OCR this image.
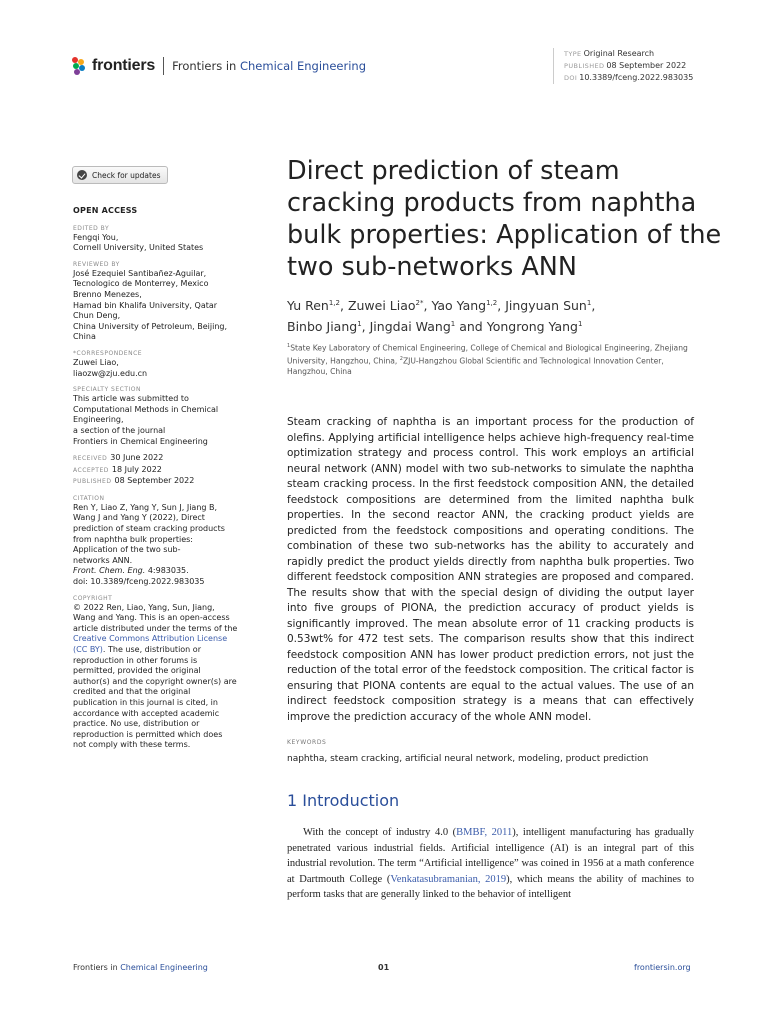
frontiers Frontiers in Chemical Engineering
TYPE Original Research
PUBLISHED 08 September 2022
DOI 10.3389/fceng.2022.983035
Check for updates
OPEN ACCESS
EDITED BY
Fengqi You,
Cornell University, United States
REVIEWED BY
José Ezequiel Santibañez-Aguilar,
Tecnologico de Monterrey, Mexico
Brenno Menezes,
Hamad bin Khalifa University, Qatar
Chun Deng,
China University of Petroleum, Beijing,
China
*CORRESPONDENCE
Zuwei Liao,
liaozw@zju.edu.cn
SPECIALTY SECTION
This article was submitted to
Computational Methods in Chemical
Engineering,
a section of the journal
Frontiers in Chemical Engineering
RECEIVED 30 June 2022
ACCEPTED 18 July 2022
PUBLISHED 08 September 2022
CITATION
Ren Y, Liao Z, Yang Y, Sun J, Jiang B,
Wang J and Yang Y (2022), Direct
prediction of steam cracking products
from naphtha bulk properties:
Application of the two sub-
networks ANN.
Front. Chem. Eng. 4:983035.
doi: 10.3389/fceng.2022.983035
COPYRIGHT
© 2022 Ren, Liao, Yang, Sun, Jiang,
Wang and Yang. This is an open-access
article distributed under the terms of the
Creative Commons Attribution License
(CC BY). The use, distribution or
reproduction in other forums is
permitted, provided the original
author(s) and the copyright owner(s) are
credited and that the original
publication in this journal is cited, in
accordance with accepted academic
practice. No use, distribution or
reproduction is permitted which does
not comply with these terms.
Direct prediction of steam cracking products from naphtha bulk properties: Application of the two sub-networks ANN
Yu Ren$^{1,2}$, Zuwei Liao$^{2*}$, Yao Yang$^{1,2}$, Jingyuan Sun$^1$,
Binbo Jiang$^1$, Jingdai Wang$^1$ and Yongrong Yang$^1$
$^1$State Key Laboratory of Chemical Engineering, College of Chemical and Biological Engineering, Zhejiang University, Hangzhou, China, $^2$ZJU-Hangzhou Global Scientific and Technological Innovation Center, Hangzhou, China

Steam cracking of naphtha is an important process for the production of olefins. Applying artificial intelligence helps achieve high-frequency real-time optimization strategy and process control. This work employs an artificial neural network (ANN) model with two sub-networks to simulate the naphtha steam cracking process. In the first feedstock composition ANN, the detailed feedstock compositions are determined from the limited naphtha bulk properties. In the second reactor ANN, the cracking product yields are predicted from the feedstock compositions and operating conditions. The combination of these two sub-networks has the ability to accurately and rapidly predict the product yields directly from naphtha bulk properties. Two different feedstock composition ANN strategies are proposed and compared. The results show that with the special design of dividing the output layer into five groups of PIONA, the prediction accuracy of product yields is significantly improved. The mean absolute error of 11 cracking products is 0.53wt% for 472 test sets. The comparison results show that this indirect feedstock composition ANN has lower product prediction errors, not just the reduction of the total error of the feedstock composition. The critical factor is ensuring that PIONA contents are equal to the actual values. The use of an indirect feedstock composition strategy is a means that can effectively improve the prediction accuracy of the whole ANN model.

KEYWORDS
naphtha, steam cracking, artificial neural network, modeling, product prediction
1 Introduction

With the concept of industry 4.0 (BMBF, 2011), intelligent manufacturing has gradually penetrated various industrial fields. Artificial intelligence (AI) is an integral part of this industrial revolution. The term “Artificial intelligence” was coined in 1956 at a math conference at Dartmouth College (Venkatasubramanian, 2019), which means the ability of machines to perform tasks that are generally linked to the behavior of intelligent

Frontiers in Chemical Engineering	01	frontiersin.org
